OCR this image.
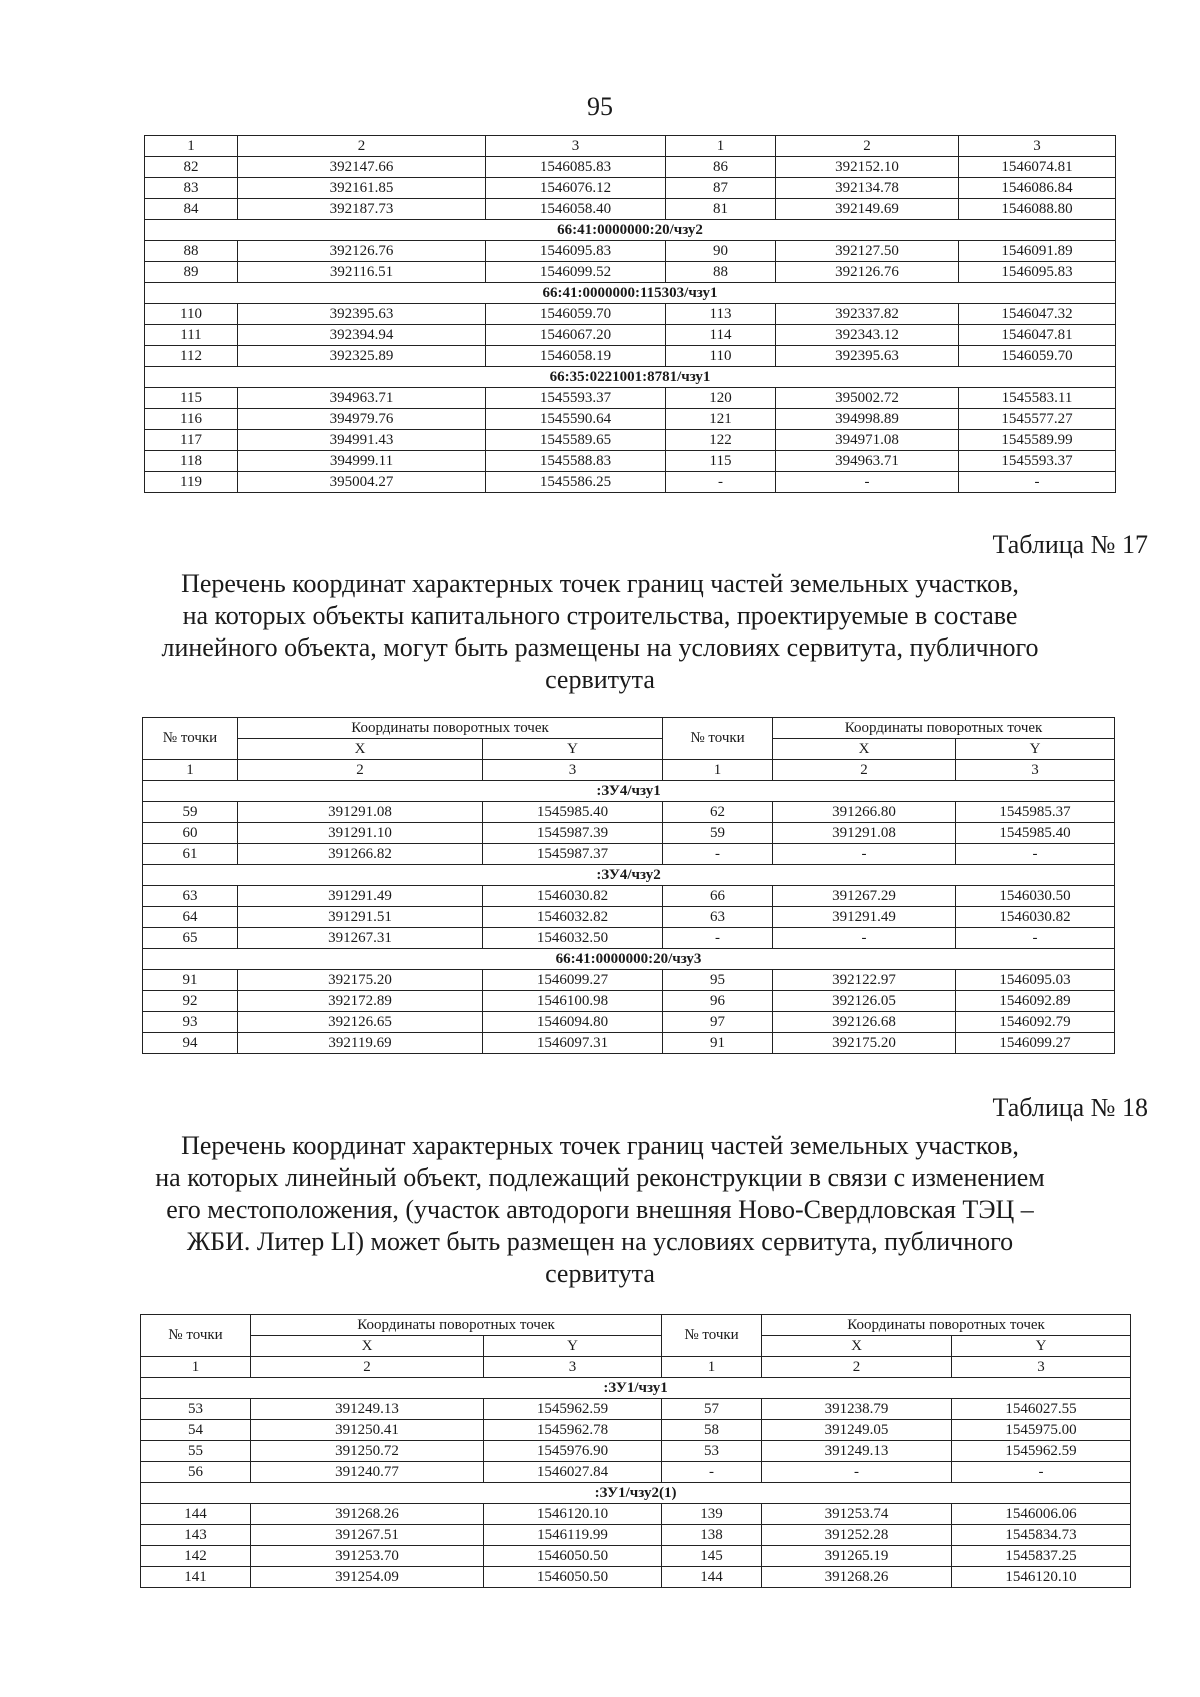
95
1	2	3	1	2	3
82	392147.66	1546085.83	86	392152.10	1546074.81
83	392161.85	1546076.12	87	392134.78	1546086.84
84	392187.73	1546058.40	81	392149.69	1546088.80
66:41:0000000:20/чзу2					
88	392126.76	1546095.83	90	392127.50	1546091.89
89	392116.51	1546099.52	88	392126.76	1546095.83
66:41:0000000:115303/чзу1					
110	392395.63	1546059.70	113	392337.82	1546047.32
111	392394.94	1546067.20	114	392343.12	1546047.81
112	392325.89	1546058.19	110	392395.63	1546059.70
66:35:0221001:8781/чзу1					
115	394963.71	1545593.37	120	395002.72	1545583.11
116	394979.76	1545590.64	121	394998.89	1545577.27
117	394991.43	1545589.65	122	394971.08	1545589.99
118	394999.11	1545588.83	115	394963.71	1545593.37
119	395004.27	1545586.25	-	-	-
Таблица № 17
Перечень координат характерных точек границ частей земельных участков,
на которых объекты капитального строительства, проектируемые в составе
линейного объекта, могут быть размещены на условиях сервитута, публичного
сервитута
№ точки	Координаты поворотных точек		№ точки	Координаты поворотных точек	
	X	Y		X	Y
1	2	3	1	2	3
:ЗУ4/чзу1					
59	391291.08	1545985.40	62	391266.80	1545985.37
60	391291.10	1545987.39	59	391291.08	1545985.40
61	391266.82	1545987.37	-	-	-
:ЗУ4/чзу2					
63	391291.49	1546030.82	66	391267.29	1546030.50
64	391291.51	1546032.82	63	391291.49	1546030.82
65	391267.31	1546032.50	-	-	-
66:41:0000000:20/чзу3					
91	392175.20	1546099.27	95	392122.97	1546095.03
92	392172.89	1546100.98	96	392126.05	1546092.89
93	392126.65	1546094.80	97	392126.68	1546092.79
94	392119.69	1546097.31	91	392175.20	1546099.27
Таблица № 18
Перечень координат характерных точек границ частей земельных участков,
на которых линейный объект, подлежащий реконструкции в связи с изменением
его местоположения, (участок автодороги внешняя Ново-Свердловская ТЭЦ –
ЖБИ. Литер LI) может быть размещен на условиях сервитута, публичного
сервитута
№ точки	Координаты поворотных точек		№ точки	Координаты поворотных точек	
	X	Y		X	Y
1	2	3	1	2	3
:ЗУ1/чзу1					
53	391249.13	1545962.59	57	391238.79	1546027.55
54	391250.41	1545962.78	58	391249.05	1545975.00
55	391250.72	1545976.90	53	391249.13	1545962.59
56	391240.77	1546027.84	-	-	-
:ЗУ1/чзу2(1)					
144	391268.26	1546120.10	139	391253.74	1546006.06
143	391267.51	1546119.99	138	391252.28	1545834.73
142	391253.70	1546050.50	145	391265.19	1545837.25
141	391254.09	1546050.50	144	391268.26	1546120.10
